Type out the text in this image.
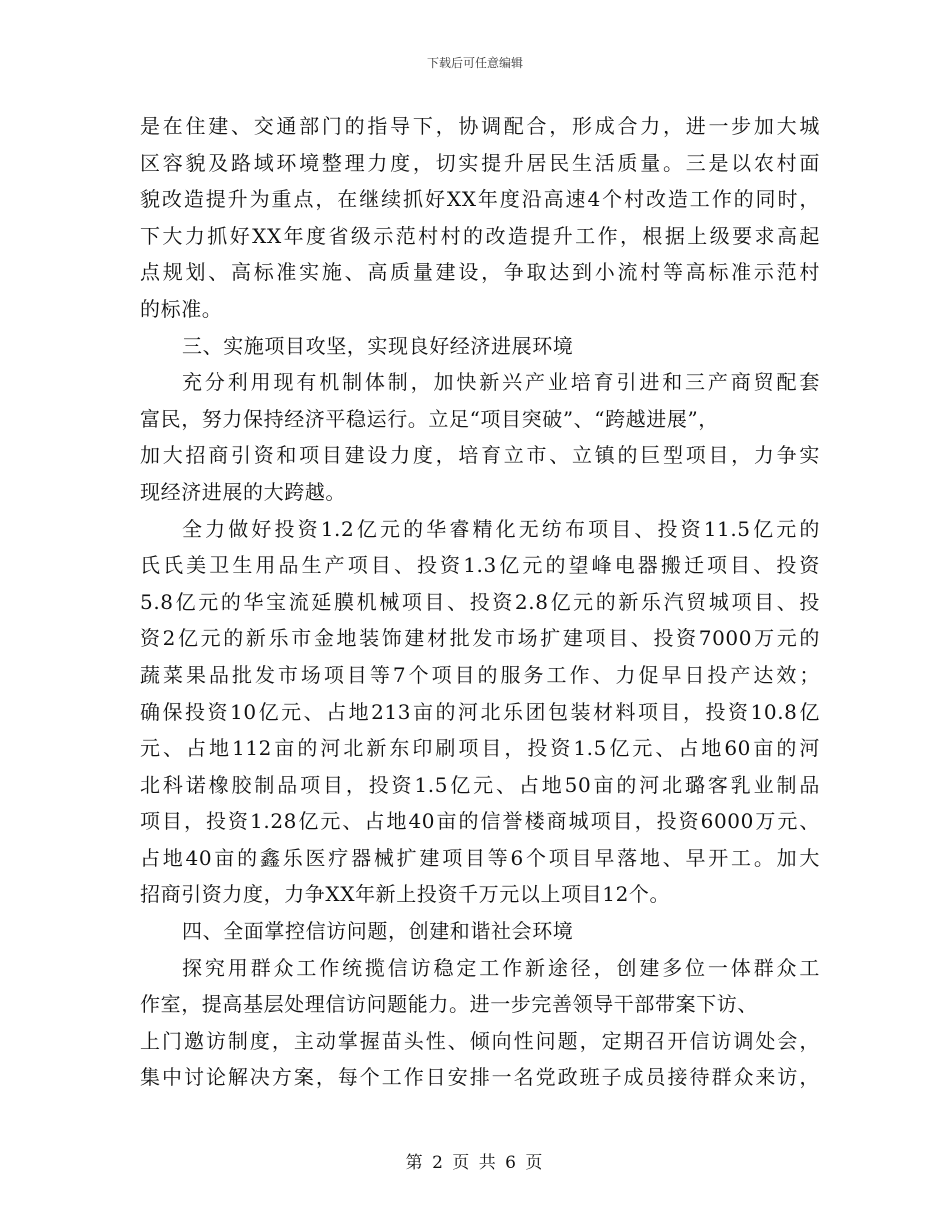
下载后可任意编辑
是在住建、交通部门的指导下，协调配合，形成合力，进一步加大城
区容貌及路域环境整理力度，切实提升居民生活质量。三是以农村面
貌改造提升为重点，在继续抓好XX年度沿高速4个村改造工作的同时，
下大力抓好XX年度省级示范村村的改造提升工作，根据上级要求高起
点规划、高标准实施、高质量建设，争取达到小流村等高标准示范村
的标准。
三、实施项目攻坚，实现良好经济进展环境
充分利用现有机制体制，加快新兴产业培育引进和三产商贸配套
富民，努力保持经济平稳运行。立足“项目突破”、“跨越进展”，
加大招商引资和项目建设力度，培育立市、立镇的巨型项目，力争实
现经济进展的大跨越。
全力做好投资1.2亿元的华睿精化无纺布项目、投资11.5亿元的
氏氏美卫生用品生产项目、投资1.3亿元的望峰电器搬迁项目、投资
5.8亿元的华宝流延膜机械项目、投资2.8亿元的新乐汽贸城项目、投
资2亿元的新乐市金地装饰建材批发市场扩建项目、投资7000万元的
蔬菜果品批发市场项目等7个项目的服务工作、力促早日投产达效；
确保投资10亿元、占地213亩的河北乐团包装材料项目，投资10.8亿
元、占地112亩的河北新东印刷项目，投资1.5亿元、占地60亩的河
北科诺橡胶制品项目，投资1.5亿元、占地50亩的河北璐客乳业制品
项目，投资1.28亿元、占地40亩的信誉楼商城项目，投资6000万元、
占地40亩的鑫乐医疗器械扩建项目等6个项目早落地、早开工。加大
招商引资力度，力争XX年新上投资千万元以上项目12个。
四、全面掌控信访问题，创建和谐社会环境
探究用群众工作统揽信访稳定工作新途径，创建多位一体群众工
作室，提高基层处理信访问题能力。进一步完善领导干部带案下访、
上门邀访制度，主动掌握苗头性、倾向性问题，定期召开信访调处会，
集中讨论解决方案，每个工作日安排一名党政班子成员接待群众来访，
第 2 页 共 6 页
